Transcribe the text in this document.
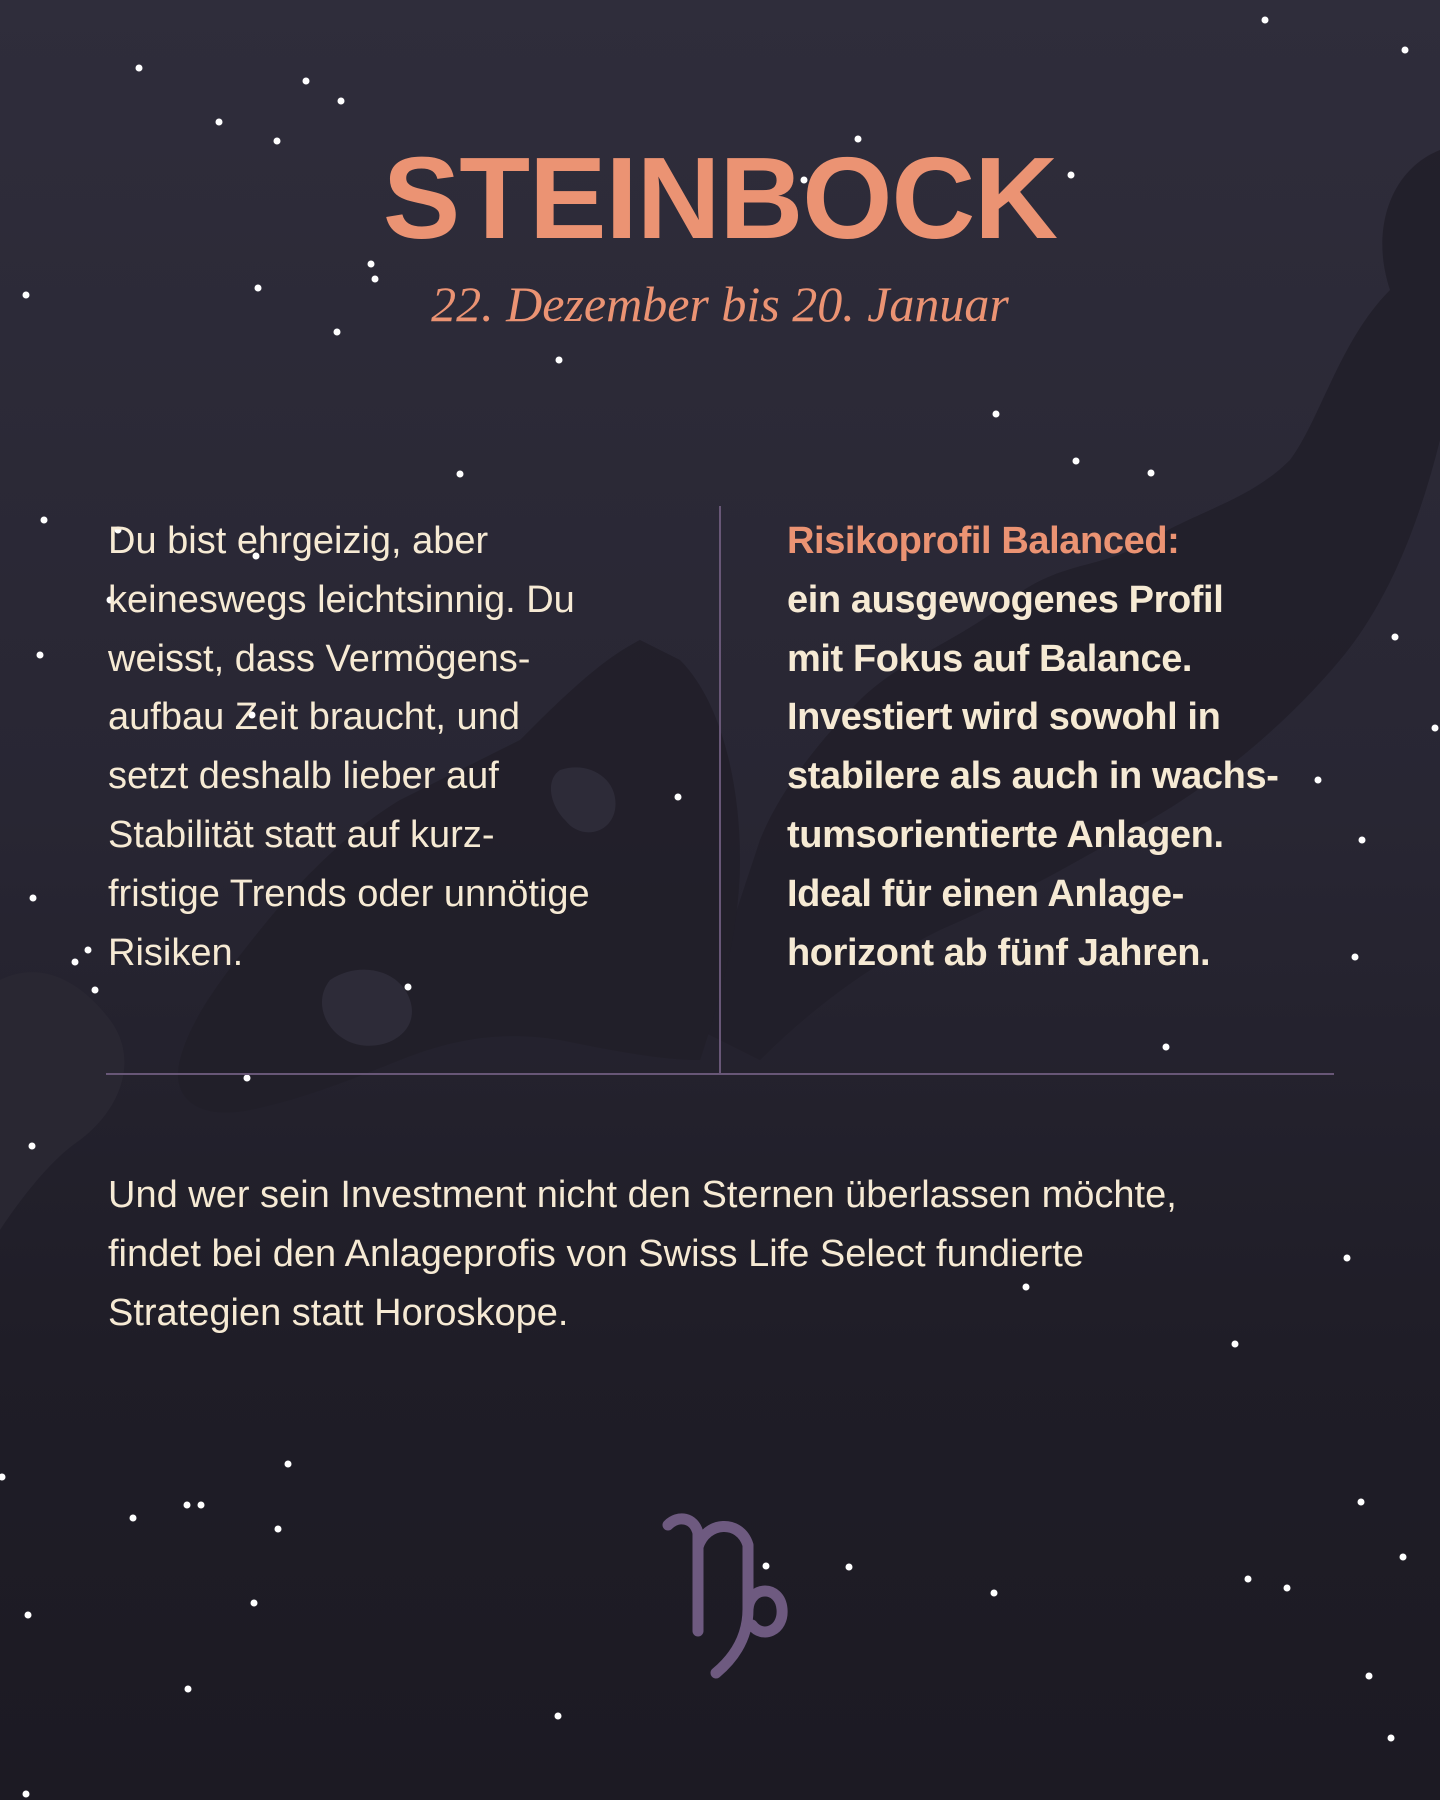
STEINBOCK

22. Dezember bis 20. Januar

Du bist ehrgeizig, aber
keineswegs leichtsinnig. Du
weisst, dass Vermögens-
aufbau Zeit braucht, und
setzt deshalb lieber auf
Stabilität statt auf kurz-
fristige Trends oder unnötige
Risiken.

Risikoprofil Balanced:
ein ausgewogenes Profil
mit Fokus auf Balance.
Investiert wird sowohl in
stabilere als auch in wachs-
tumsorientierte Anlagen.
Ideal für einen Anlage-
horizont ab fünf Jahren.

Und wer sein Investment nicht den Sternen überlassen möchte,
findet bei den Anlageprofis von Swiss Life Select fundierte
Strategien statt Horoskope.
